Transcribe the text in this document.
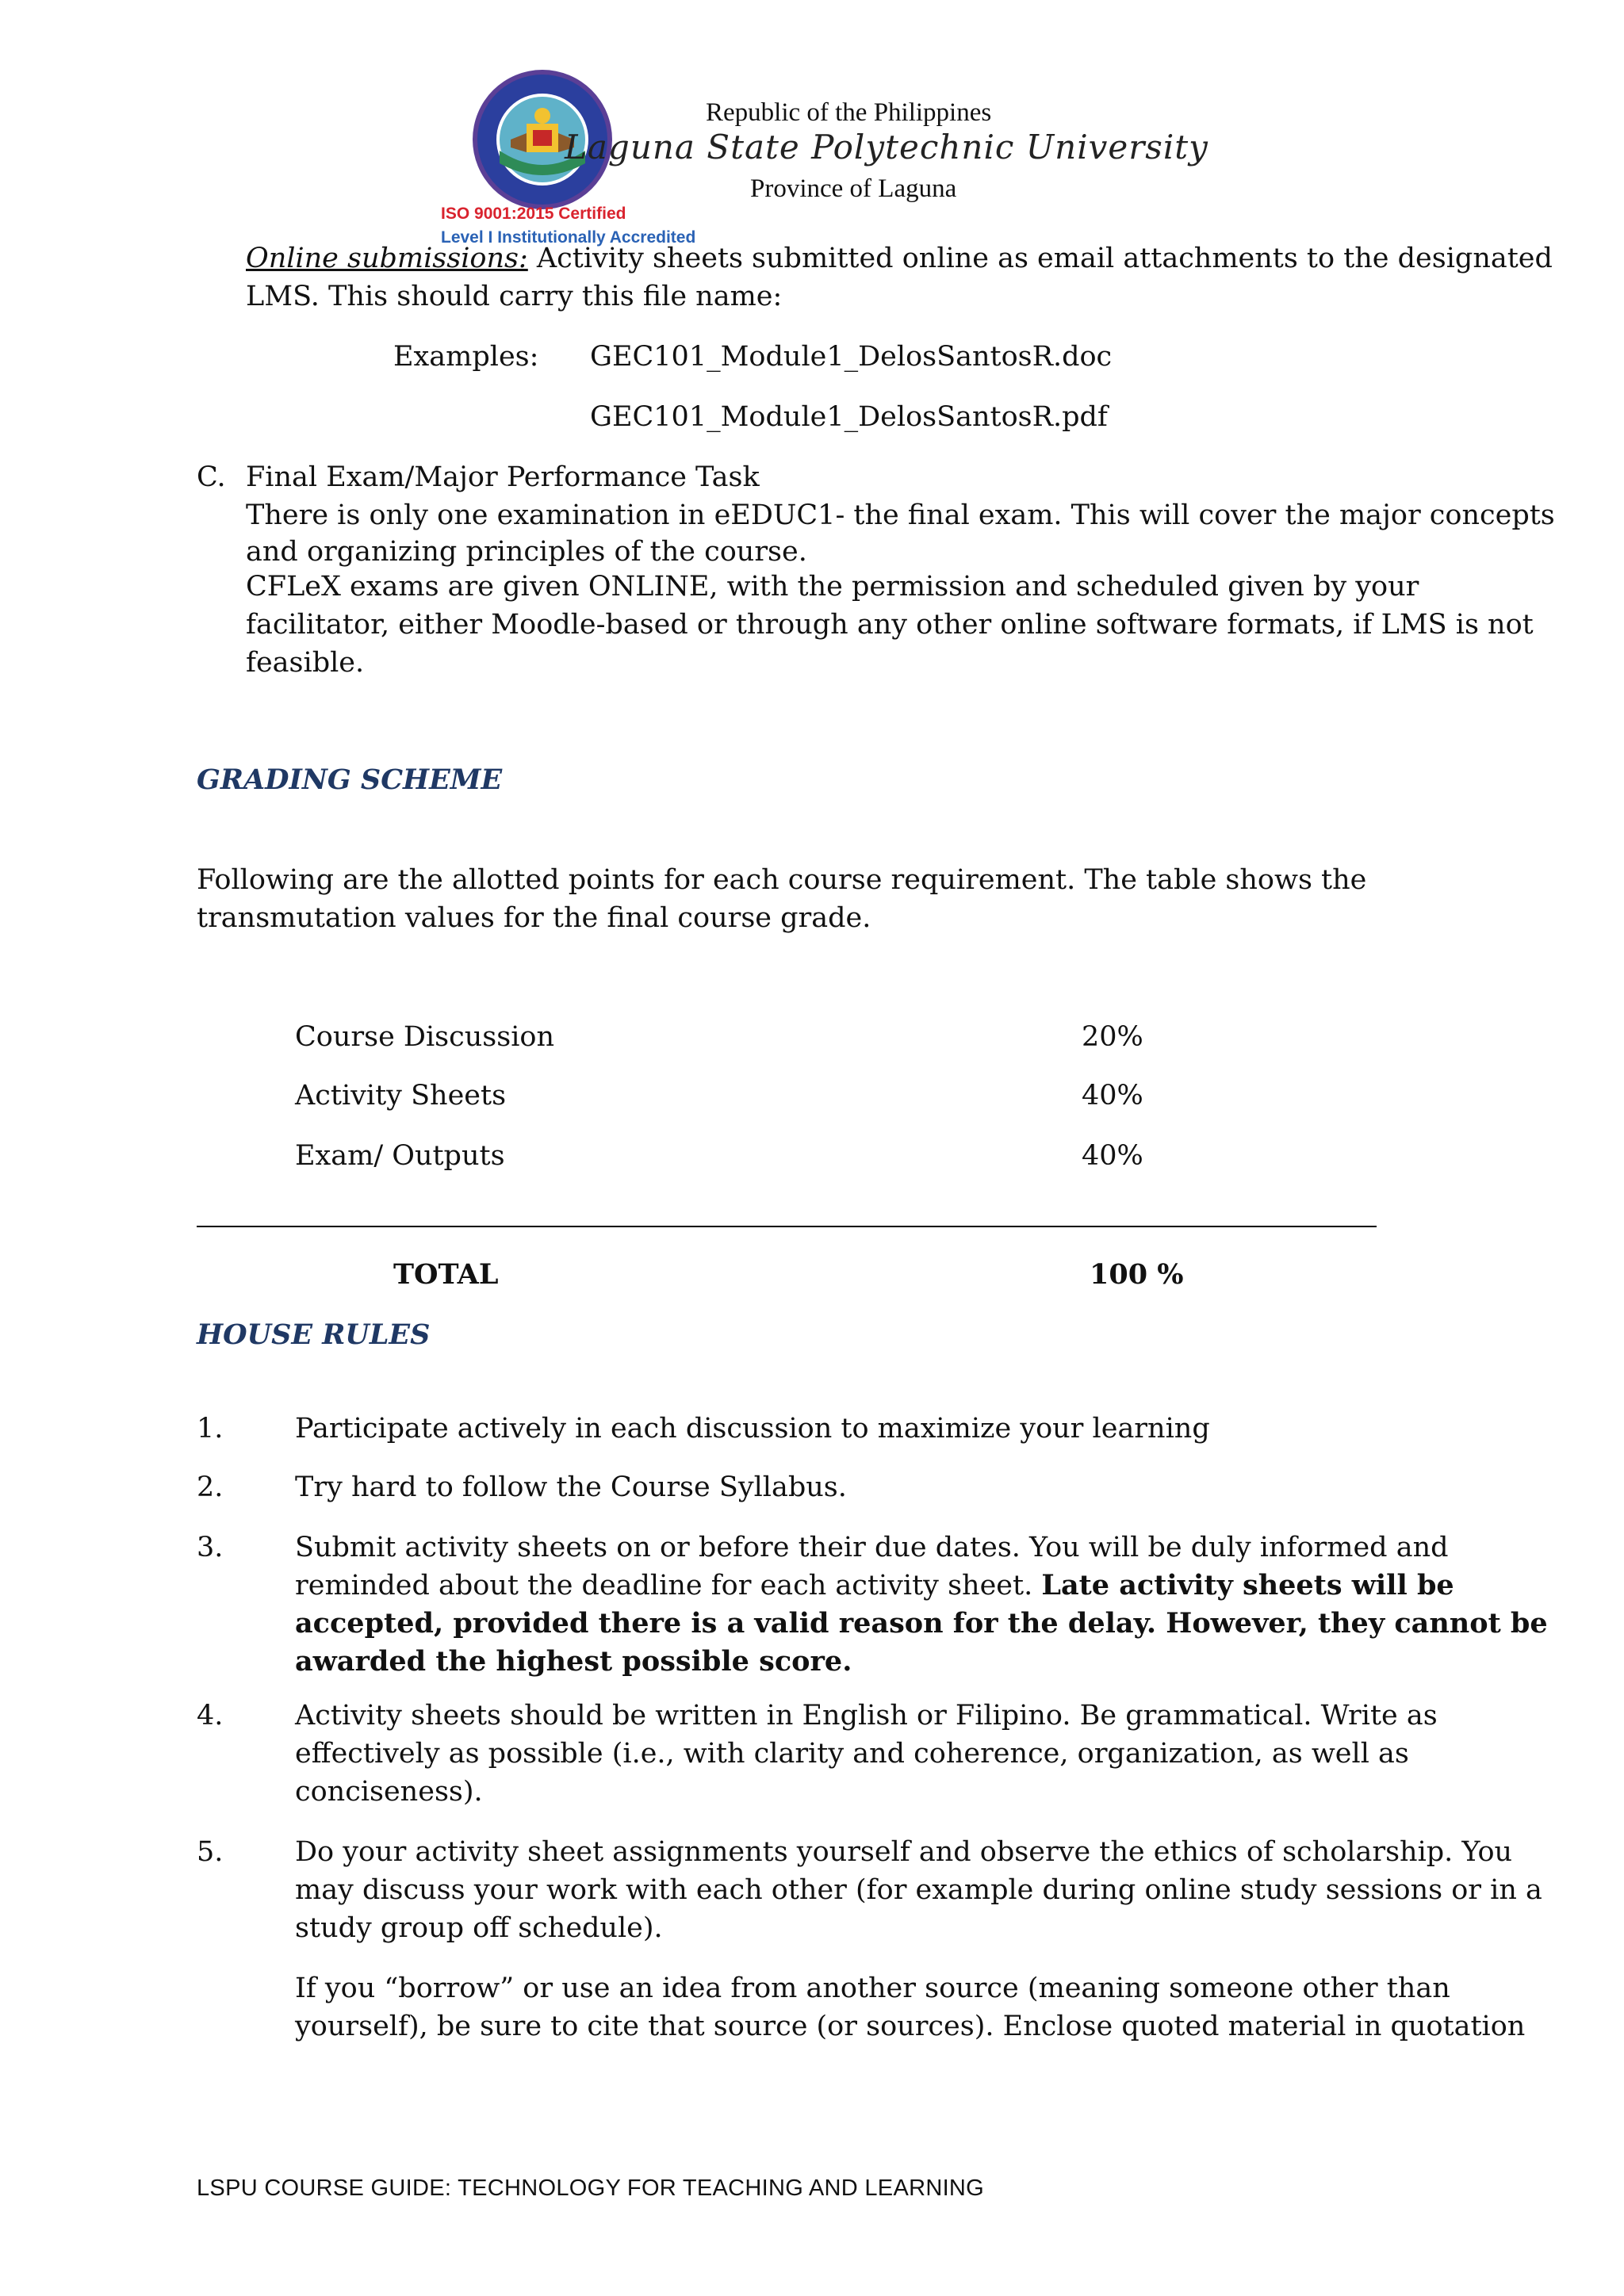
Republic of the Philippines
Laguna State Polytechnic University
Province of Laguna
ISO 9001:2015 Certified
Level I Institutionally Accredited
Online submissions: Activity sheets submitted online as email attachments to the designated
LMS. This should carry this file name:
Examples: GEC101_Module1_DelosSantosR.doc
GEC101_Module1_DelosSantosR.pdf
C. Final Exam/Major Performance Task
There is only one examination in eEDUC1- the final exam. This will cover the major concepts
and organizing principles of the course.
CFLeX exams are given ONLINE, with the permission and scheduled given by your
facilitator, either Moodle-based or through any other online software formats, if LMS is not
feasible.
GRADING SCHEME
Following are the allotted points for each course requirement. The table shows the
transmutation values for the final course grade.
Course Discussion	20%
Activity Sheets	40%
Exam/ Outputs	40%
TOTAL	100 %
HOUSE RULES
1.	Participate actively in each discussion to maximize your learning
2.	Try hard to follow the Course Syllabus.
3.	Submit activity sheets on or before their due dates. You will be duly informed and
reminded about the deadline for each activity sheet. Late activity sheets will be
accepted, provided there is a valid reason for the delay. However, they cannot be
awarded the highest possible score.
4.	Activity sheets should be written in English or Filipino. Be grammatical. Write as
effectively as possible (i.e., with clarity and coherence, organization, as well as
conciseness).
5.	Do your activity sheet assignments yourself and observe the ethics of scholarship. You
may discuss your work with each other (for example during online study sessions or in a
study group off schedule).
If you “borrow” or use an idea from another source (meaning someone other than
yourself), be sure to cite that source (or sources). Enclose quoted material in quotation
LSPU COURSE GUIDE: TECHNOLOGY FOR TEACHING AND LEARNING
